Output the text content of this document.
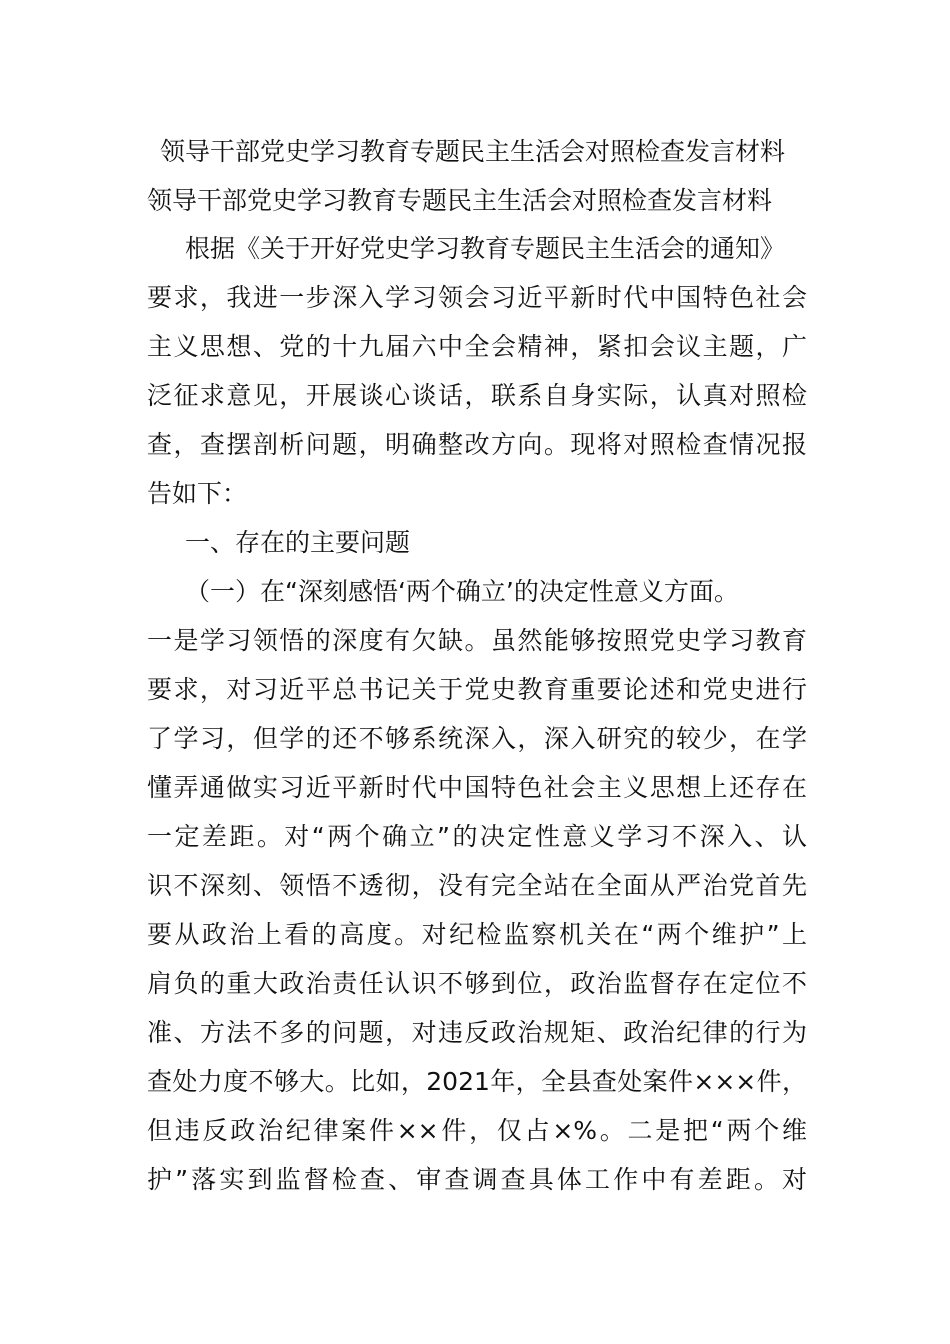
领导干部党史学习教育专题民主生活会对照检查发言材料
领导干部党史学习教育专题民主生活会对照检查发言材料

根据《关于开好党史学习教育专题民主生活会的通知》

要求，我进一步深入学习领会习近平新时代中国特色社会

主义思想、党的十九届六中全会精神，紧扣会议主题，广

泛征求意见，开展谈心谈话，联系自身实际，认真对照检

查，查摆剖析问题，明确整改方向。现将对照检查情况报

告如下：

一、存在的主要问题

（一）在“深刻感悟‘两个确立’的决定性意义方面。

一是学习领悟的深度有欠缺。虽然能够按照党史学习教育

要求，对习近平总书记关于党史教育重要论述和党史进行

了学习，但学的还不够系统深入，深入研究的较少，在学

懂弄通做实习近平新时代中国特色社会主义思想上还存在

一定差距。对“两个确立”的决定性意义学习不深入、认

识不深刻、领悟不透彻，没有完全站在全面从严治党首先

要从政治上看的高度。对纪检监察机关在“两个维护”上

肩负的重大政治责任认识不够到位，政治监督存在定位不

准、方法不多的问题，对违反政治规矩、政治纪律的行为

查处力度不够大。比如，2021年，全县查处案件×××件，

但违反政治纪律案件××件，仅占×%。二是把“两个维

护”落实到监督检查、审查调查具体工作中有差距。对
